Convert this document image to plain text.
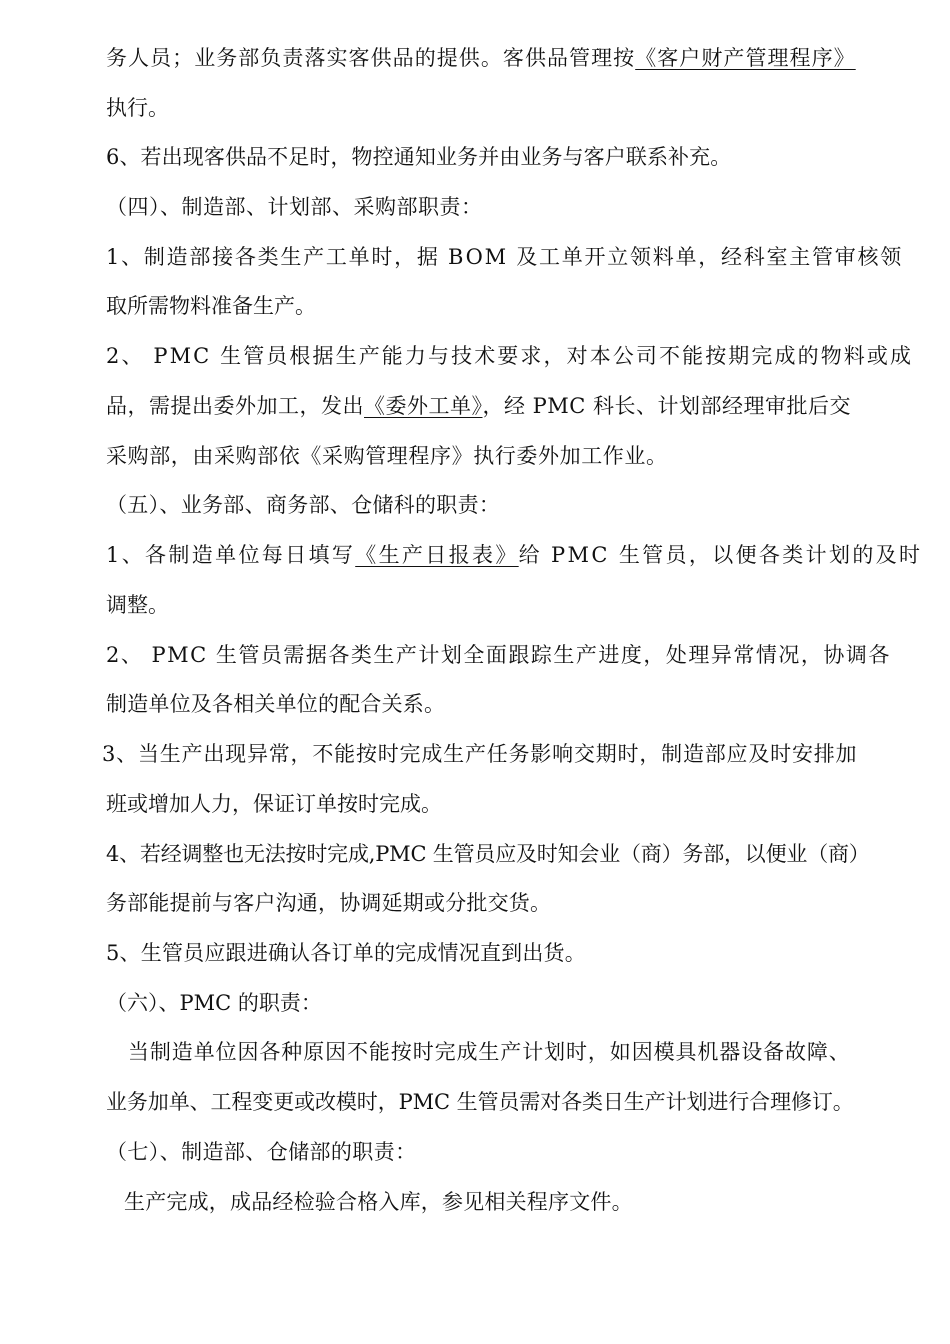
务人员；业务部负责落实客供品的提供。客供品管理按《客户财产管理程序》
执行。
6、若出现客供品不足时，物控通知业务并由业务与客户联系补充。
（四）、制造部、计划部、采购部职责：
1、制造部接各类生产工单时，据 BOM 及工单开立领料单，经科室主管审核领
取所需物料准备生产。
2、 PMC 生管员根据生产能力与技术要求，对本公司不能按期完成的物料或成
品，需提出委外加工，发出《委外工单》，经 PMC 科长、计划部经理审批后交
采购部，由采购部依《采购管理程序》执行委外加工作业。
（五）、业务部、商务部、仓储科的职责：
1、各制造单位每日填写《生产日报表》给 PMC 生管员，以便各类计划的及时
调整。
2、 PMC 生管员需据各类生产计划全面跟踪生产进度，处理异常情况，协调各
制造单位及各相关单位的配合关系。
3、当生产出现异常，不能按时完成生产任务影响交期时，制造部应及时安排加
班或增加人力，保证订单按时完成。
4、若经调整也无法按时完成,PMC 生管员应及时知会业（商）务部，以便业（商）
务部能提前与客户沟通，协调延期或分批交货。
5、生管员应跟进确认各订单的完成情况直到出货。
（六）、PMC 的职责：
当制造单位因各种原因不能按时完成生产计划时，如因模具机器设备故障、
业务加单、工程变更或改模时，PMC 生管员需对各类日生产计划进行合理修订。
（七）、制造部、仓储部的职责：
生产完成，成品经检验合格入库，参见相关程序文件。
